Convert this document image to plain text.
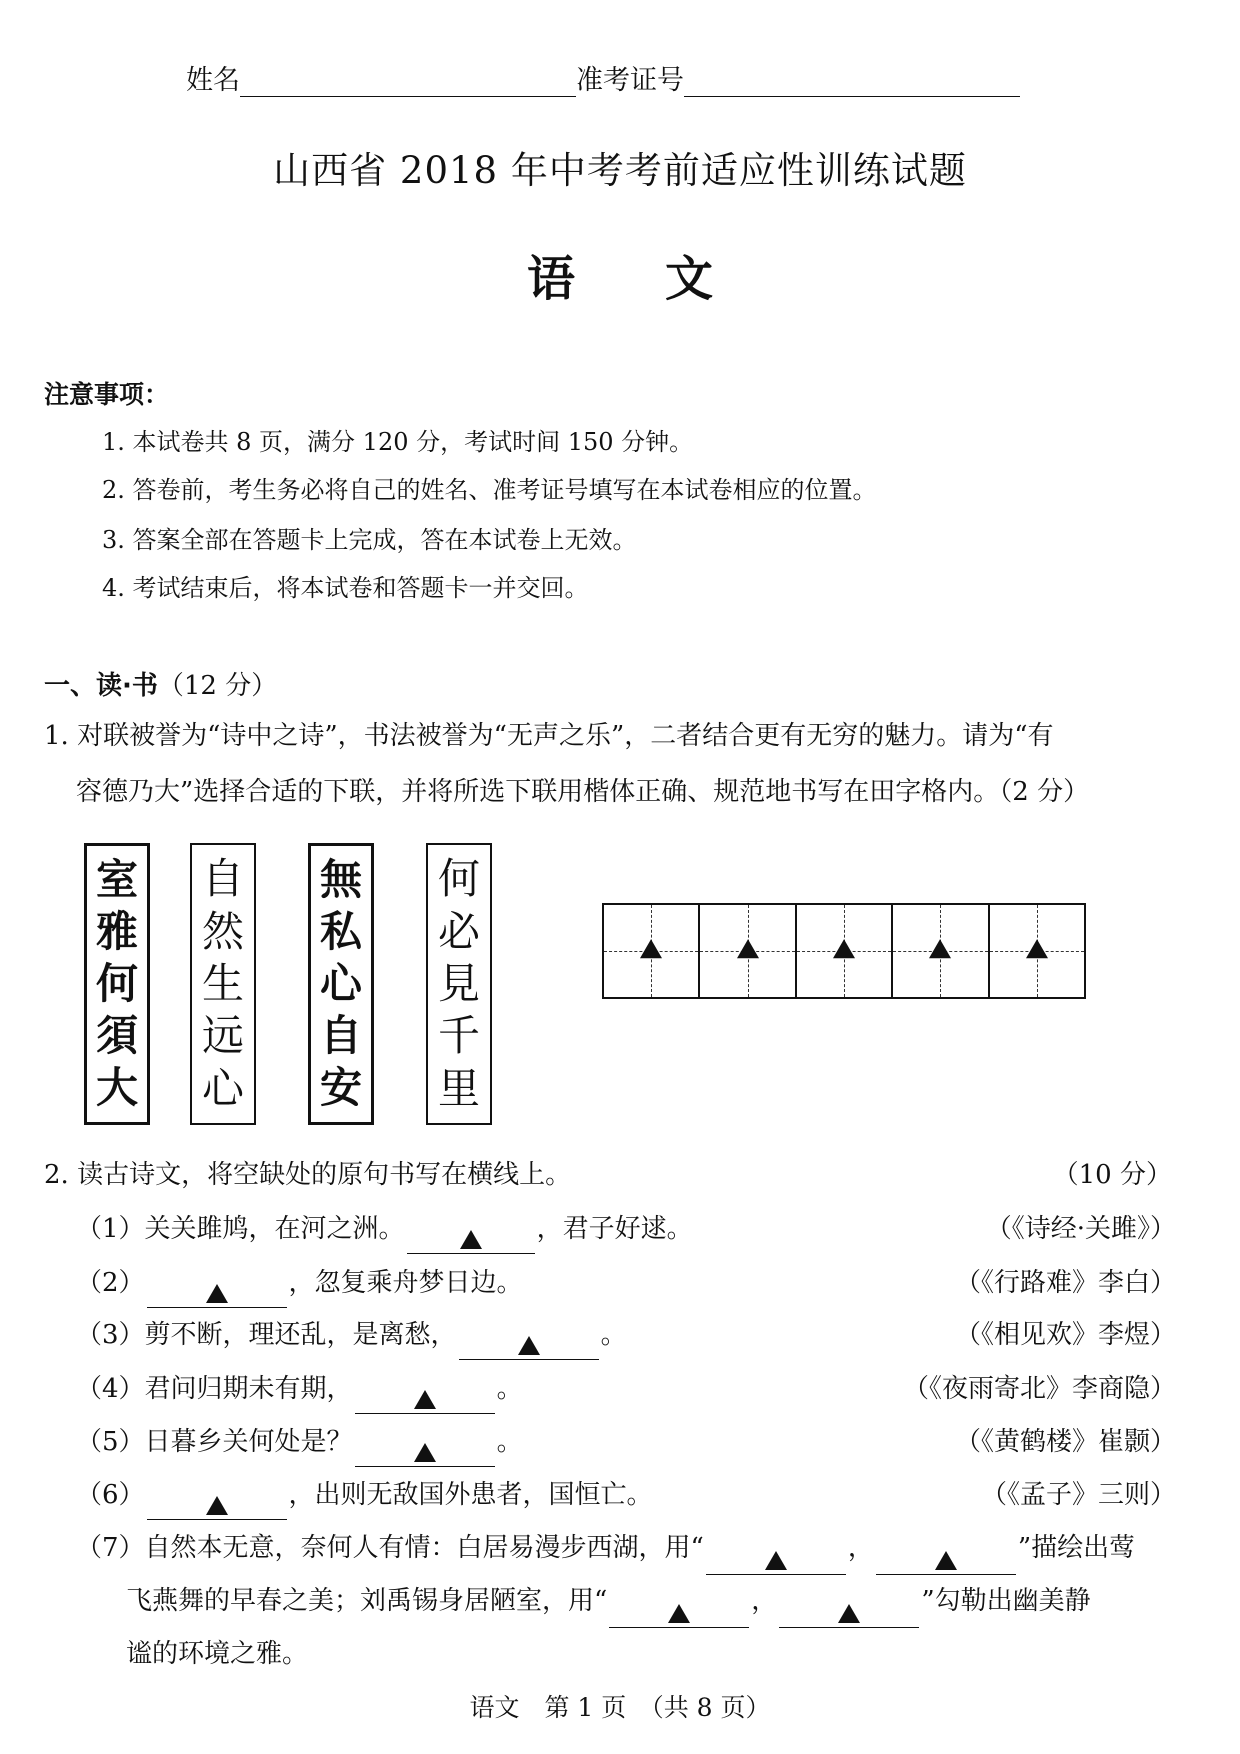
姓名	准考证号
山西省 2018 年中考考前适应性训练试题
语 文
注意事项：
1. 本试卷共 8 页，满分 120 分，考试时间 150 分钟。
2. 答卷前，考生务必将自己的姓名、准考证号填写在本试卷相应的位置。
3. 答案全部在答题卡上完成，答在本试卷上无效。
4. 考试结束后，将本试卷和答题卡一并交回。
一、读·书（12 分）
1. 对联被誉为“诗中之诗”，书法被誉为“无声之乐”，二者结合更有无穷的魅力。请为“有
容德乃大”选择合适的下联，并将所选下联用楷体正确、规范地书写在田字格内。（2 分）
室
雅
何
須
大
自
然
生
远
心
無
私
心
自
安
何
必
見
千
里
2. 读古诗文，将空缺处的原句书写在横线上。	（10 分）
（1）关关雎鸠，在河之洲。	，君子好逑。	（《诗经·关雎》）
（2）	，忽复乘舟梦日边。	（《行路难》李白）
（3）剪不断，理还乱，是离愁，	。	（《相见欢》李煜）
（4）君问归期未有期，	。	（《夜雨寄北》李商隐）
（5）日暮乡关何处是？	。	（《黄鹤楼》崔颢）
（6）	，出则无敌国外患者，国恒亡。	（《孟子》三则）
（7）自然本无意，奈何人有情：白居易漫步西湖，用“	，	”描绘出莺
飞燕舞的早春之美；刘禹锡身居陋室，用“	，	”勾勒出幽美静
谧的环境之雅。
语文　第 1 页　（共 8 页）
